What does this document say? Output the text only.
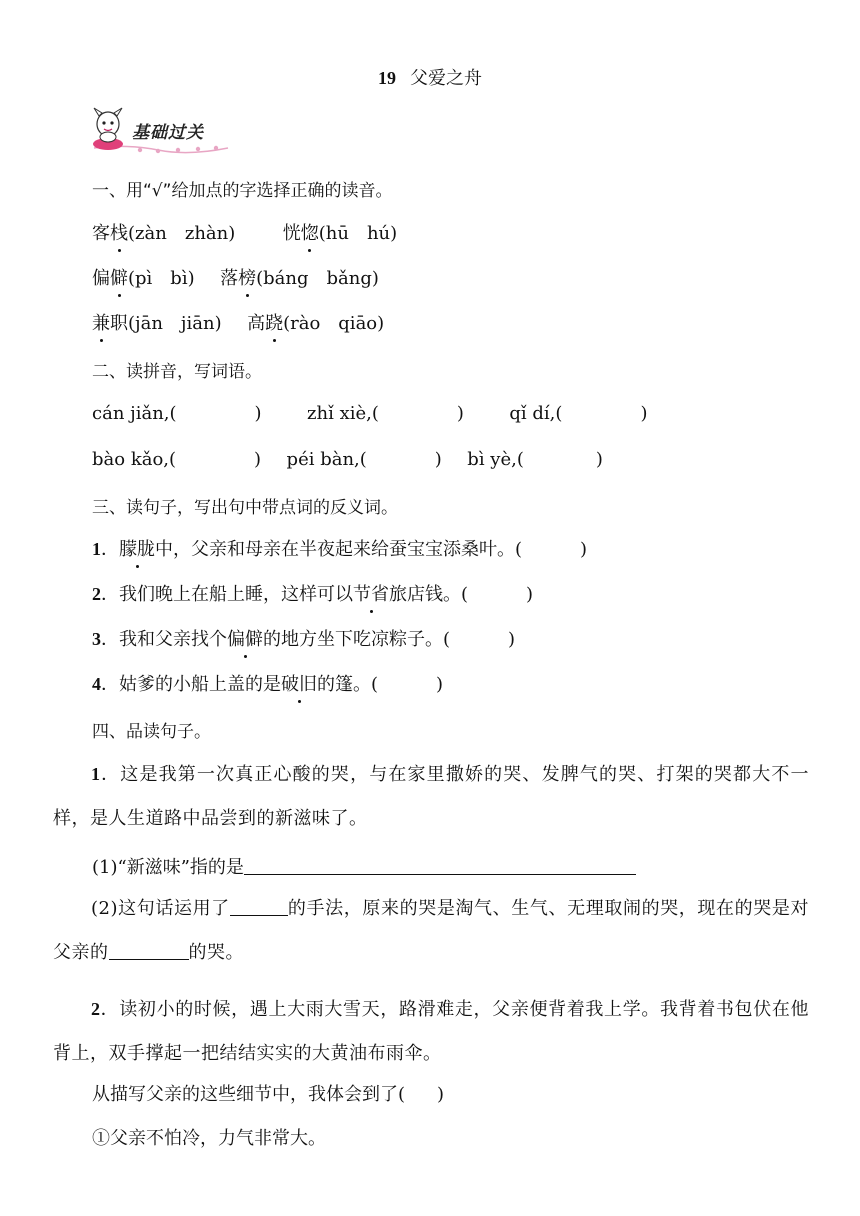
19 父爱之舟
基础过关
一、用“√”给加点的字选择正确的读音。
客栈(zàn　zhàn)	恍惚(hū　hú)
偏僻(pì　bì) 落榜(báng　bǎng)
兼职(jān　jiān) 高跷(rào　qiāo)
二、读拼音，写词语。
cán jiǎn,(	)	zhǐ xiè,(	)	qǐ dí,(	)
bào kǎo,(	) péi bàn,(	) bì yè,(	)
三、读句子，写出句中带点词的反义词。
1．朦胧中，父亲和母亲在半夜起来给蚕宝宝添桑叶。(	)
2．我们晚上在船上睡，这样可以节省旅店钱。(	)
3．我和父亲找个偏僻的地方坐下吃凉粽子。(	)
4．姑爹的小船上盖的是破旧的篷。(	)
四、品读句子。
1．这是我第一次真正心酸的哭，与在家里撒娇的哭、发脾气的哭、打架的哭都大不一样，是人生道路中品尝到的新滋味了。
(1)“新滋味”指的是
(2)这句话运用了	的手法，原来的哭是淘气、生气、无理取闹的哭，现在的哭是对父亲的	的哭。
2．读初小的时候，遇上大雨大雪天，路滑难走，父亲便背着我上学。我背着书包伏在他背上，双手撑起一把结结实实的大黄油布雨伞。
从描写父亲的这些细节中，我体会到了( )
①父亲不怕冷，力气非常大。
